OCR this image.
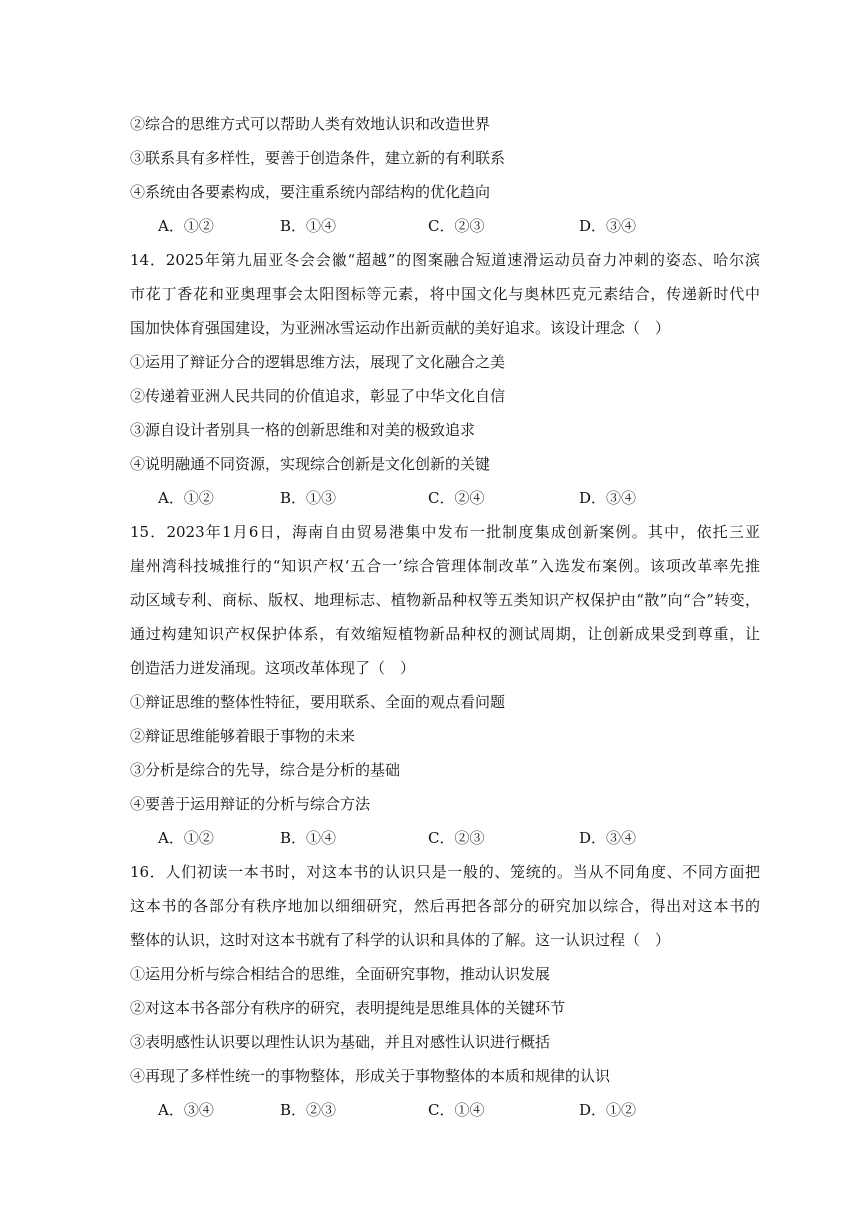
②综合的思维方式可以帮助人类有效地认识和改造世界
③联系具有多样性，要善于创造条件，建立新的有利联系
④系统由各要素构成，要注重系统内部结构的优化趋向
A．①②	B．①④	C．②③	D．③④
14．2025年第九届亚冬会会徽“超越”的图案融合短道速滑运动员奋力冲刺的姿态、哈尔滨
市花丁香花和亚奥理事会太阳图标等元素，将中国文化与奥林匹克元素结合，传递新时代中
国加快体育强国建设，为亚洲冰雪运动作出新贡献的美好追求。该设计理念（　）
①运用了辩证分合的逻辑思维方法，展现了文化融合之美
②传递着亚洲人民共同的价值追求，彰显了中华文化自信
③源自设计者别具一格的创新思维和对美的极致追求
④说明融通不同资源，实现综合创新是文化创新的关键
A．①②	B．①③	C．②④	D．③④
15．2023年1月6日，海南自由贸易港集中发布一批制度集成创新案例。其中，依托三亚
崖州湾科技城推行的“知识产权‘五合一’综合管理体制改革”入选发布案例。该项改革率先推
动区域专利、商标、版权、地理标志、植物新品种权等五类知识产权保护由“散”向“合”转变，
通过构建知识产权保护体系，有效缩短植物新品种权的测试周期，让创新成果受到尊重，让
创造活力迸发涌现。这项改革体现了（　）
①辩证思维的整体性特征，要用联系、全面的观点看问题
②辩证思维能够着眼于事物的未来
③分析是综合的先导，综合是分析的基础
④要善于运用辩证的分析与综合方法
A．①②	B．①④	C．②③	D．③④
16．人们初读一本书时，对这本书的认识只是一般的、笼统的。当从不同角度、不同方面把
这本书的各部分有秩序地加以细细研究，然后再把各部分的研究加以综合，得出对这本书的
整体的认识，这时对这本书就有了科学的认识和具体的了解。这一认识过程（　）
①运用分析与综合相结合的思维，全面研究事物，推动认识发展
②对这本书各部分有秩序的研究，表明提纯是思维具体的关键环节
③表明感性认识要以理性认识为基础，并且对感性认识进行概括
④再现了多样性统一的事物整体，形成关于事物整体的本质和规律的认识
A．③④	B．②③	C．①④	D．①②
